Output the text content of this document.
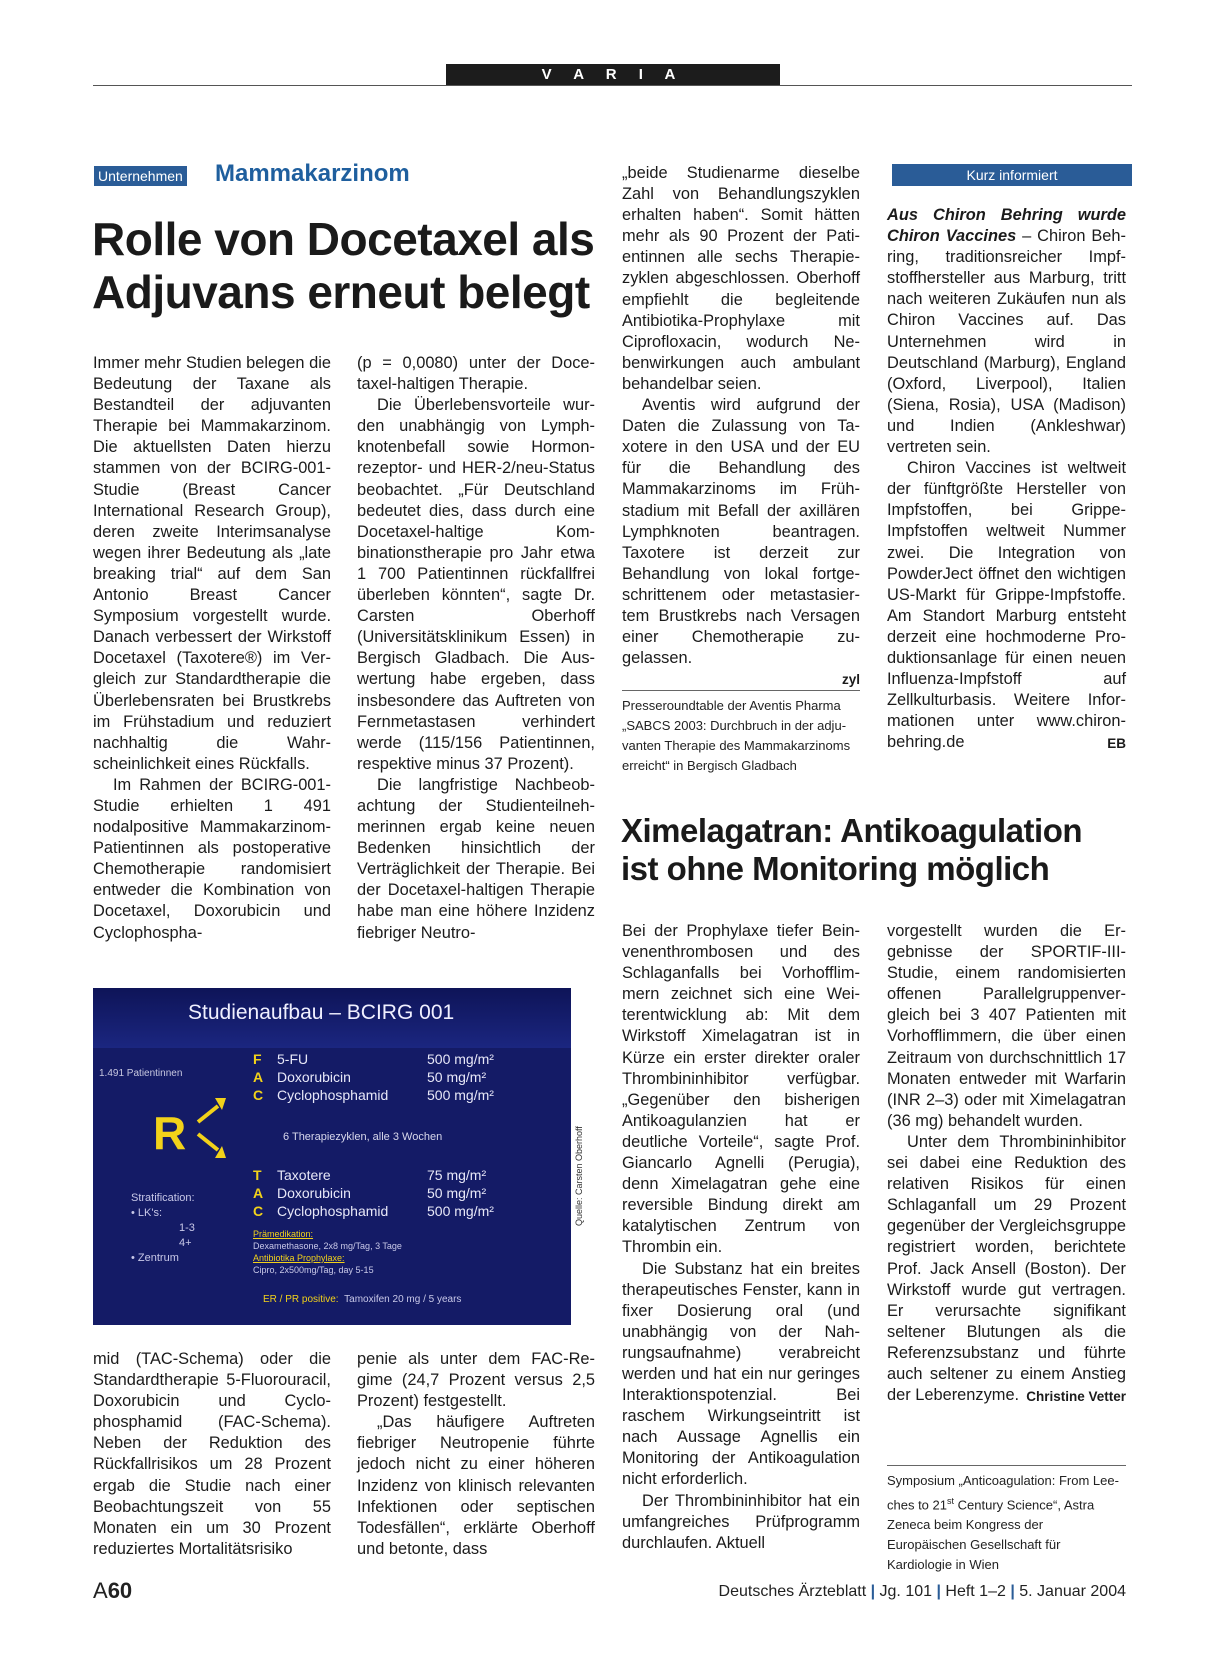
V A R I A
Unternehmen Mammakarzinom
Rolle von Docetaxel als
Adjuvans erneut belegt

Immer mehr Studien belegen die Bedeutung der Taxane als Bestandteil der adjuvanten Therapie bei Mammakarzinom. Die aktuellsten Daten hierzu stammen von der BCIRG-001-Studie (Breast Cancer International Research Group), deren zweite Interimsanalyse wegen ihrer Bedeutung als „late breaking trial“ auf dem San Antonio Breast Cancer Symposium vorgestellt wurde. Danach verbessert der Wirkstoff Docetaxel (Taxotere®) im Vergleich zur Standardtherapie die Überlebensraten bei Brustkrebs im Frühstadium und reduziert nachhaltig die Wahrscheinlichkeit eines Rückfalls.

Im Rahmen der BCIRG-001-Studie erhielten 1 491 nodalpositive Mammakarzinom-Patientinnen als postoperative Chemotherapie randomisiert entweder die Kombination von Docetaxel, Doxorubicin und Cyclophospha-

(p = 0,0080) unter der Docetaxel-haltigen Therapie.

Die Überlebensvorteile wurden unabhängig von Lymphknotenbefall sowie Hormonrezeptor- und HER-2/neu-Status beobachtet. „Für Deutschland bedeutet dies, dass durch eine Docetaxel-haltige Kombinationstherapie pro Jahr etwa 1 700 Patientinnen rückfallfrei überleben könnten“, sagte Dr. Carsten Oberhoff (Universitätsklinikum Essen) in Bergisch Gladbach. Die Auswertung habe ergeben, dass insbesondere das Auftreten von Fernmetastasen verhindert werde (115/156 Patientinnen, respektive minus 37 Prozent).

Die langfristige Nachbeobachtung der Studienteilnehmerinnen ergab keine neuen Bedenken hinsichtlich der Verträglichkeit der Therapie. Bei der Docetaxel-haltigen Therapie habe man eine höhere Inzidenz fiebriger Neutro-

Studienaufbau – BCIRG 001
1.491 Patientinnen
R
F 5-FU	500 mg/m²
A Doxorubicin	50 mg/m²
C Cyclophosphamid	500 mg/m²
6 Therapiezyklen, alle 3 Wochen
T Taxotere	75 mg/m²
A Doxorubicin	50 mg/m²
C Cyclophosphamid	500 mg/m²
Stratification:
• LK's:
1-3
4+
• Zentrum
Prämedikation:
Dexamethasone, 2x8 mg/Tag, 3 Tage
Antibiotika Prophylaxe:
Cipro, 2x500mg/Tag, day 5-15
ER / PR positive: Tamoxifen 20 mg / 5 years
Quelle: Carsten Oberhoff

mid (TAC-Schema) oder die Standardtherapie 5-Fluorouracil, Doxorubicin und Cyclophosphamid (FAC-Schema). Neben der Reduktion des Rückfallrisikos um 28 Prozent ergab die Studie nach einer Beobachtungszeit von 55 Monaten ein um 30 Prozent reduziertes Mortalitätsrisiko

penie als unter dem FAC-Regime (24,7 Prozent versus 2,5 Prozent) festgestellt.

„Das häufigere Auftreten fiebriger Neutropenie führte jedoch nicht zu einer höheren Inzidenz von klinisch relevanten Infektionen oder septischen Todesfällen“, erklärte Oberhoff und betonte, dass

„beide Studienarme dieselbe Zahl von Behandlungszyklen erhalten haben“. Somit hätten mehr als 90 Prozent der Patientinnen alle sechs Therapiezyklen abgeschlossen. Oberhoff empfiehlt die begleitende Antibiotika-Prophylaxe mit Ciprofloxacin, wodurch Nebenwirkungen auch ambulant behandelbar seien.

Aventis wird aufgrund der Daten die Zulassung von Taxotere in den USA und der EU für die Behandlung des Mammakarzinoms im Frühstadium mit Befall der axillären Lymphknoten beantragen. Taxotere ist derzeit zur Behandlung von lokal fortgeschrittenem oder metastasiertem Brustkrebs nach Versagen einer Chemotherapie zugelassen.

zyl
Presseroundtable der Aventis Pharma „SABCS 2003: Durchbruch in der adjuvanten Therapie des Mammakarzinoms erreicht“ in Bergisch Gladbach
Kurz informiert

Aus Chiron Behring wurde Chiron Vaccines – Chiron Behring, traditionsreicher Impfstoffhersteller aus Marburg, tritt nach weiteren Zukäufen nun als Chiron Vaccines auf. Das Unternehmen wird in Deutschland (Marburg), England (Oxford, Liverpool), Italien (Siena, Rosia), USA (Madison) und Indien (Ankleshwar) vertreten sein.

Chiron Vaccines ist weltweit der fünftgrößte Hersteller von Impfstoffen, bei Grippe-Impfstoffen weltweit Nummer zwei. Die Integration von PowderJect öffnet den wichtigen US-Markt für Grippe-Impfstoffe. Am Standort Marburg entsteht derzeit eine hochmoderne Produktionsanlage für einen neuen Influenza-Impfstoff auf Zellkulturbasis. Weitere Informationen unter www.chironbehring.de	EB
Ximelagatran: Antikoagulation
ist ohne Monitoring möglich

Bei der Prophylaxe tiefer Beinvenenthrombosen und des Schlaganfalls bei Vorhofflimmern zeichnet sich eine Weiterentwicklung ab: Mit dem Wirkstoff Ximelagatran ist in Kürze ein erster direkter oraler Thrombininhibitor verfügbar. „Gegenüber den bisherigen Antikoagulanzien hat er deutliche Vorteile“, sagte Prof. Giancarlo Agnelli (Perugia), denn Ximelagatran gehe eine reversible Bindung direkt am katalytischen Zentrum von Thrombin ein.

Die Substanz hat ein breites therapeutisches Fenster, kann in fixer Dosierung oral (und unabhängig von der Nahrungsaufnahme) verabreicht werden und hat ein nur geringes Interaktionspotenzial. Bei raschem Wirkungseintritt ist nach Aussage Agnellis ein Monitoring der Antikoagulation nicht erforderlich.

Der Thrombininhibitor hat ein umfangreiches Prüfprogramm durchlaufen. Aktuell

vorgestellt wurden die Ergebnisse der SPORTIF-III-Studie, einem randomisierten offenen Parallelgruppenvergleich bei 3 407 Patienten mit Vorhofflimmern, die über einen Zeitraum von durchschnittlich 17 Monaten entweder mit Warfarin (INR 2–3) oder mit Ximelagatran (36 mg) behandelt wurden.

Unter dem Thrombininhibitor sei dabei eine Reduktion des relativen Risikos für einen Schlaganfall um 29 Prozent gegenüber der Vergleichsgruppe registriert worden, berichtete Prof. Jack Ansell (Boston). Der Wirkstoff wurde gut vertragen. Er verursachte signifikant seltener Blutungen als die Referenzsubstanz und führte auch seltener zu einem Anstieg der Leberenzyme. Christine Vetter
Symposium „Anticoagulation: From Leeches to 21st Century Science“, Astra Zeneca beim Kongress der Europäischen Gesellschaft für Kardiologie in Wien
A60	Deutsches Ärzteblatt | Jg. 101 | Heft 1–2 | 5. Januar 2004
